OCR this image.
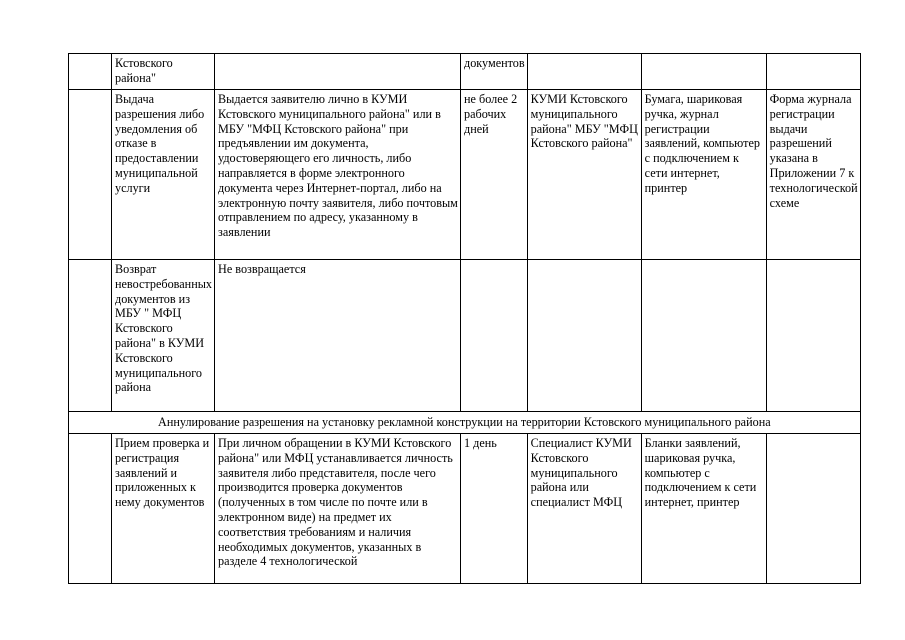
	Кстовского района"		документов			
	Выдача разрешения либо уведомления об отказе в предоставлении муниципальной услуги	Выдается заявителю лично в КУМИ Кстовского муниципального района" или в МБУ "МФЦ Кстовского района" при предъявлении им документа, удостоверяющего его личность, либо направляется в форме электронного документа через Интернет-портал, либо на электронную почту заявителя, либо почтовым отправлением по адресу, указанному в заявлении	не более 2 рабочих дней	КУМИ Кстовского муниципального района" МБУ "МФЦ Кстовского района"	Бумага, шариковая ручка, журнал регистрации заявлений, компьютер с подключением к сети интернет, принтер	Форма журнала регистрации выдачи разрешений указана в Приложении 7 к технологической схеме
	Возврат невостребованных документов из МБУ " МФЦ Кстовского района" в КУМИ Кстовского муниципального района	Не возвращается				
Аннулирование разрешения на установку рекламной конструкции на территории Кстовского муниципального района						
	Прием проверка и регистрация заявлений и приложенных к нему документов	При личном обращении в КУМИ Кстовского района" или МФЦ устанавливается личность заявителя либо представителя, после чего производится проверка документов (полученных в том числе по почте или в электронном виде) на предмет их соответствия требованиям и наличия необходимых документов, указанных в разделе 4 технологической	1 день	Специалист КУМИ Кстовского муниципального района или специалист МФЦ	Бланки заявлений, шариковая ручка, компьютер с подключением к сети интернет, принтер	
